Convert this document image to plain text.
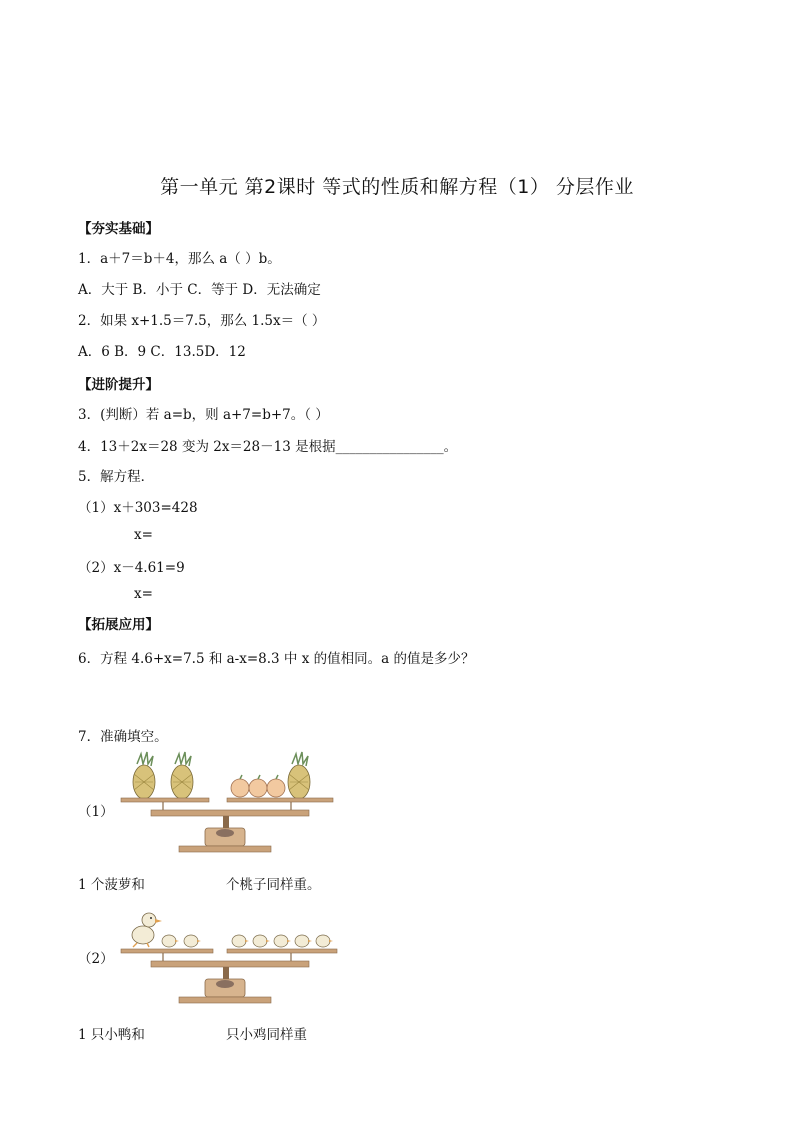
第一单元 第2课时 等式的性质和解方程（1） 分层作业
【夯实基础】
1．a＋7＝b＋4，那么 a（ ）b。
A．大于 B．小于 C．等于 D．无法确定
2．如果 x+1.5＝7.5，那么 1.5x＝（ ）
A．6 B．9 C．13.5D．12
【进阶提升】
3．(判断）若 a=b，则 a+7=b+7。（ ）
4．13＋2x＝28 变为 2x＝28－13 是根据________________。
5．解方程．
（1）x＋303=428
x=
（2）x－4.61=9
x=
【拓展应用】
6．方程 4.6+x=7.5 和 a-x=8.3 中 x 的值相同。a 的值是多少？
7．准确填空。
（1）
1 个菠萝和	个桃子同样重。
（2）
1 只小鸭和	只小鸡同样重
